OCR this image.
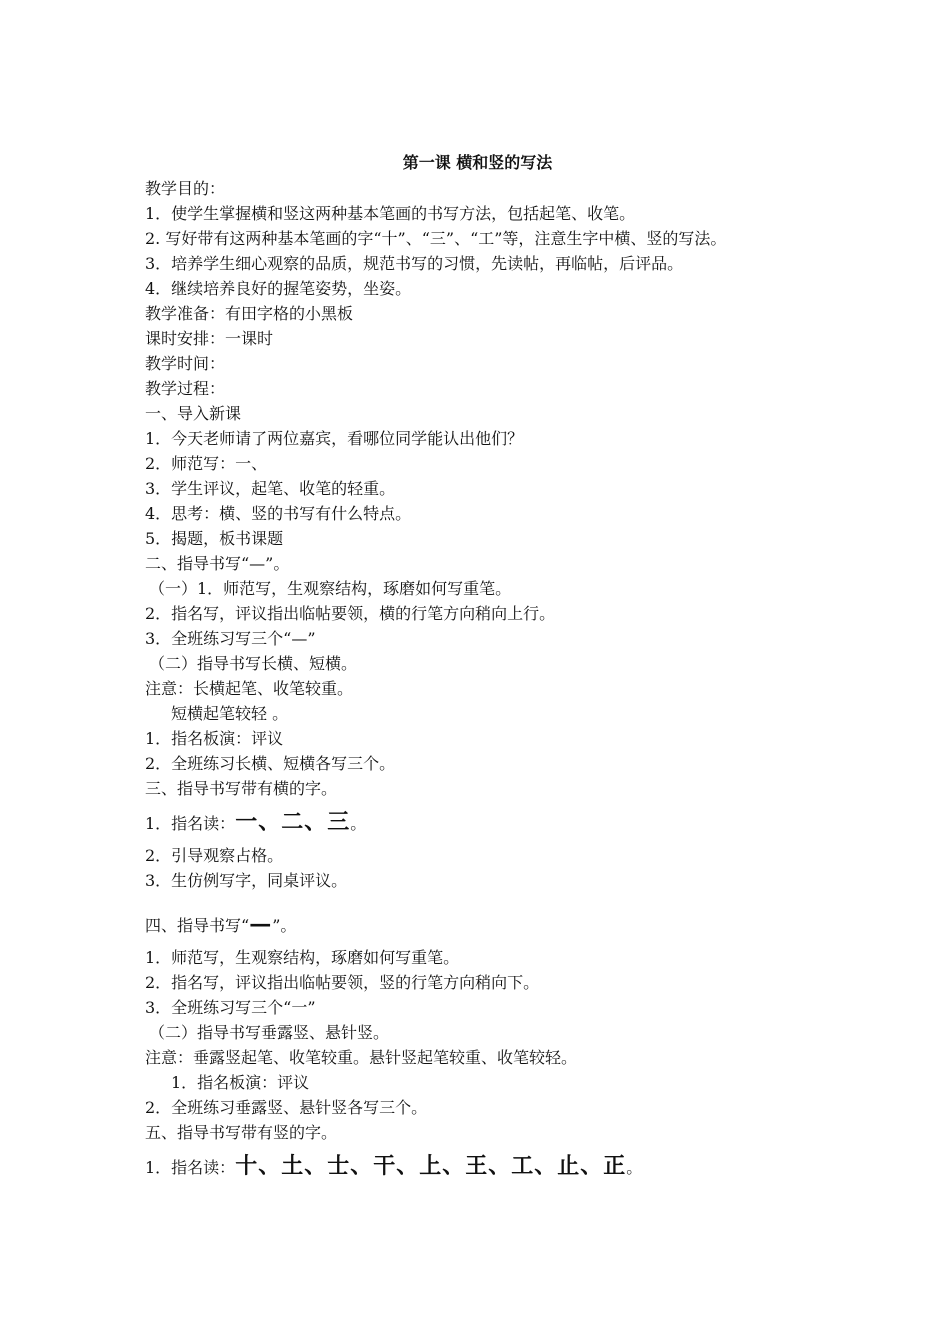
第一课 横和竖的写法
教学目的：
1．使学生掌握横和竖这两种基本笔画的书写方法，包括起笔、收笔。
2. 写好带有这两种基本笔画的字“十”、“三”、“工”等，注意生字中横、竖的写法。
3．培养学生细心观察的品质，规范书写的习惯，先读帖，再临帖，后评品。
4．继续培养良好的握笔姿势，坐姿。
教学准备：有田字格的小黑板
课时安排：一课时
教学时间：
教学过程：
一、导入新课
1．今天老师请了两位嘉宾，看哪位同学能认出他们？
2．师范写：一、
3．学生评议，起笔、收笔的轻重。
4．思考：横、竖的书写有什么特点。
5．揭题，板书课题
二、指导书写“—”。
（一）1．师范写，生观察结构，琢磨如何写重笔。
2．指名写，评议指出临帖要领，横的行笔方向稍向上行。
3．全班练习写三个“—”
（二）指导书写长横、短横。
注意：长横起笔、收笔较重。
短横起笔较轻 。
1．指名板演：评议
2．全班练习长横、短横各写三个。
三、指导书写带有横的字。
1．指名读：一、二、三。
2．引导观察占格。
3．生仿例写字，同桌评议。
四、指导书写“—”。
1．师范写，生观察结构，琢磨如何写重笔。
2．指名写，评议指出临帖要领，竖的行笔方向稍向下。
3．全班练习写三个“一”
（二）指导书写垂露竖、悬针竖。
注意：垂露竖起笔、收笔较重。悬针竖起笔较重、收笔较轻。
1．指名板演：评议
2．全班练习垂露竖、悬针竖各写三个。
五、指导书写带有竖的字。
1．指名读：十、土、士、干、上、王、工、止、正。
